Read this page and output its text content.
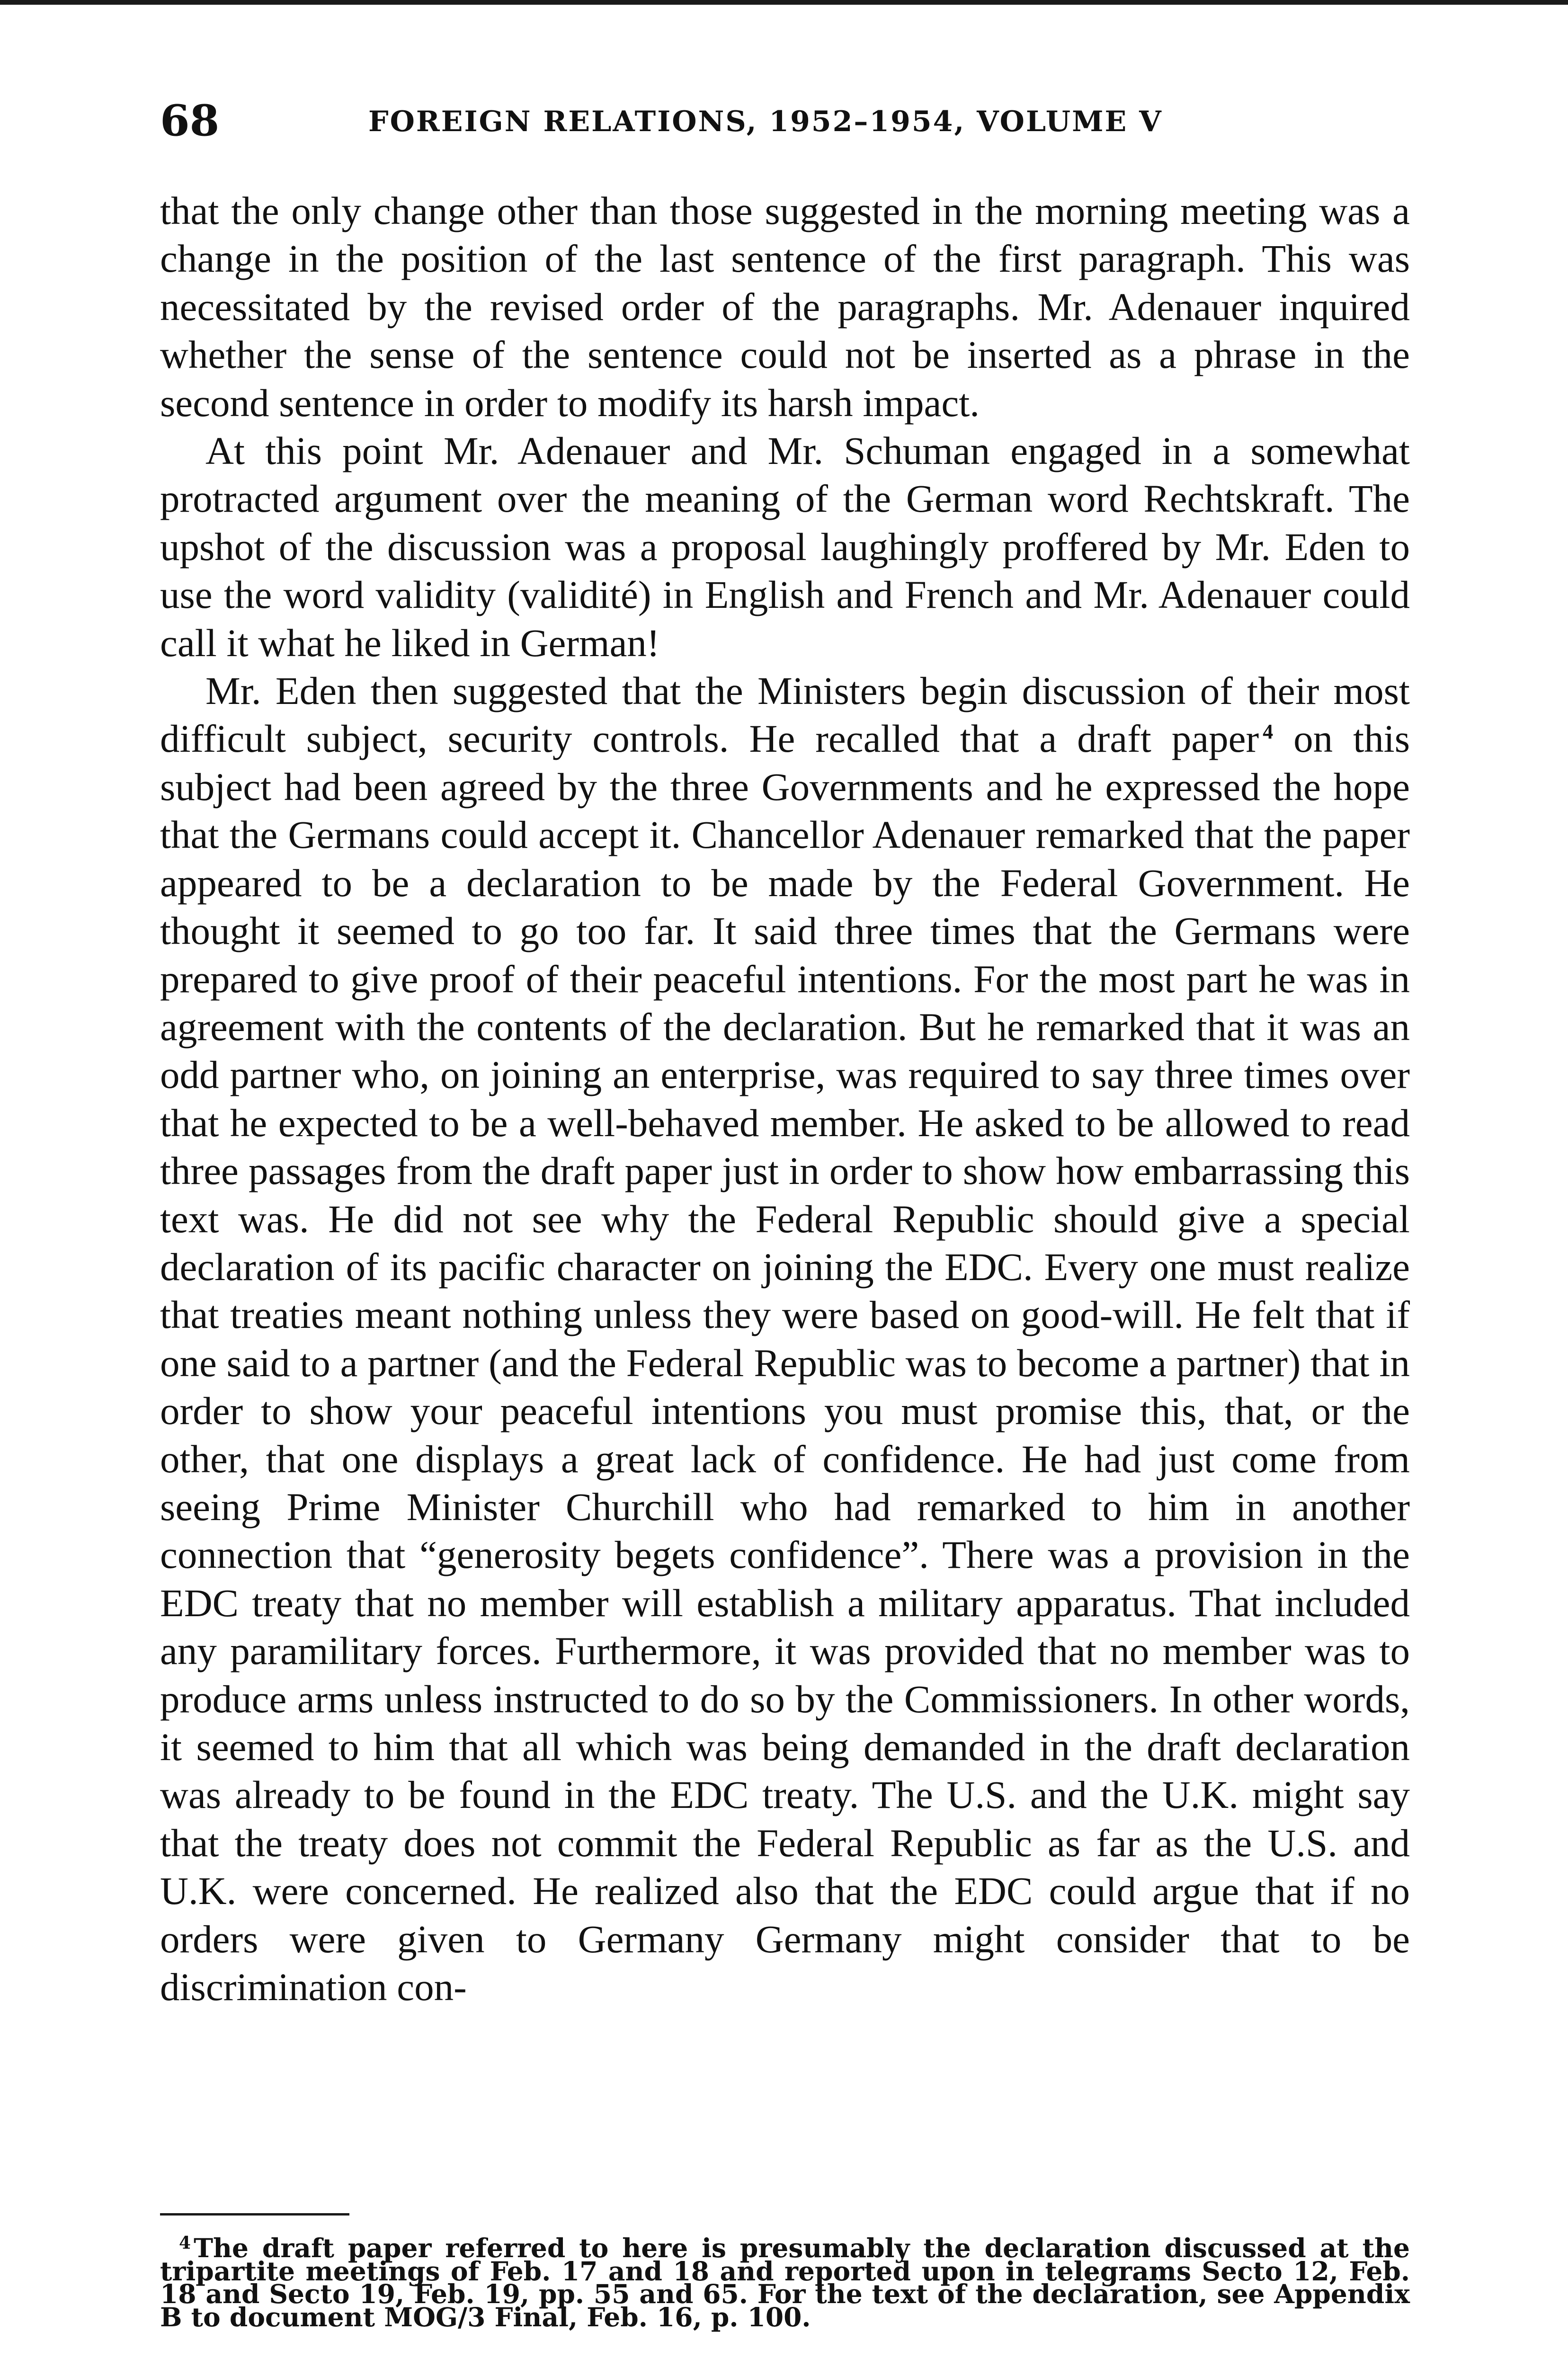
68	FOREIGN RELATIONS, 1952–1954, VOLUME V

that the only change other than those suggested in the morning meeting was a change in the position of the last sentence of the first paragraph. This was necessitated by the revised order of the paragraphs. Mr. Adenauer inquired whether the sense of the sentence could not be inserted as a phrase in the second sentence in order to modify its harsh impact.

At this point Mr. Adenauer and Mr. Schuman engaged in a somewhat protracted argument over the meaning of the German word Rechtskraft. The upshot of the discussion was a proposal laughingly proffered by Mr. Eden to use the word validity (validité) in English and French and Mr. Adenauer could call it what he liked in German!

Mr. Eden then suggested that the Ministers begin discussion of their most difficult subject, security controls. He recalled that a draft paper $^4$ on this subject had been agreed by the three Governments and he expressed the hope that the Germans could accept it. Chancellor Adenauer remarked that the paper appeared to be a declaration to be made by the Federal Government. He thought it seemed to go too far. It said three times that the Germans were prepared to give proof of their peaceful intentions. For the most part he was in agreement with the contents of the declaration. But he remarked that it was an odd partner who, on joining an enterprise, was required to say three times over that he expected to be a well-behaved member. He asked to be allowed to read three passages from the draft paper just in order to show how embarrassing this text was. He did not see why the Federal Republic should give a special declaration of its pacific character on joining the EDC. Every one must realize that treaties meant nothing unless they were based on good-will. He felt that if one said to a partner (and the Federal Republic was to become a partner) that in order to show your peaceful intentions you must promise this, that, or the other, that one displays a great lack of confidence. He had just come from seeing Prime Minister Churchill who had remarked to him in another connection that “generosity begets confidence”. There was a provision in the EDC treaty that no member will establish a military apparatus. That included any paramilitary forces. Furthermore, it was provided that no member was to produce arms unless instructed to do so by the Commissioners. In other words, it seemed to him that all which was being demanded in the draft declaration was already to be found in the EDC treaty. The U.S. and the U.K. might say that the treaty does not commit the Federal Republic as far as the U.S. and U.K. were concerned. He realized also that the EDC could argue that if no orders were given to Germany Germany might consider that to be discrimination con-

$^4$ The draft paper referred to here is presumably the declaration discussed at the tripartite meetings of Feb. 17 and 18 and reported upon in telegrams Secto 12, Feb. 18 and Secto 19, Feb. 19, pp. 55 and 65. For the text of the declaration, see Appendix B to document MOG/3 Final, Feb. 16, p. 100.
